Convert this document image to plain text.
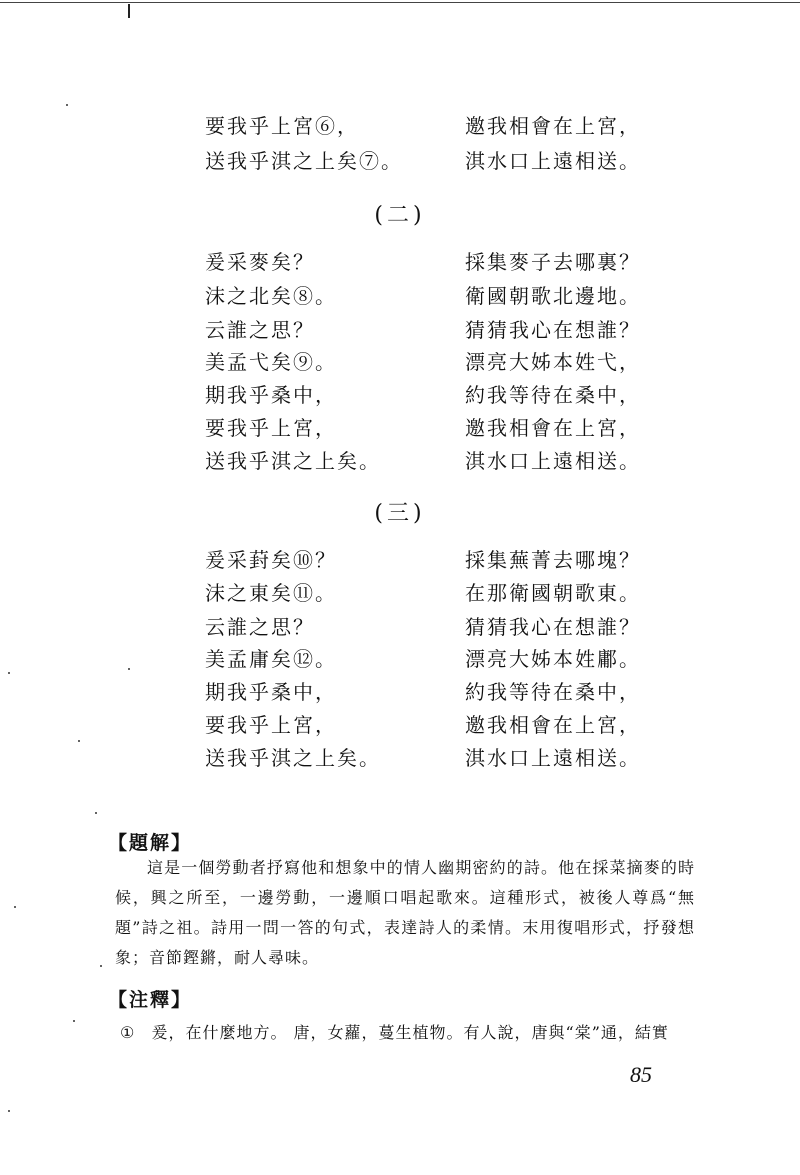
要我乎上宮⑥，	邀我相會在上宮，
送我乎淇之上矣⑦。	淇水口上遠相送。
(二)
爰采麥矣？	採集麥子去哪裏？
沫之北矣⑧。	衛國朝歌北邊地。
云誰之思？	猜猜我心在想誰？
美孟弋矣⑨。	漂亮大姊本姓弋，
期我乎桑中，	約我等待在桑中，
要我乎上宮，	邀我相會在上宮，
送我乎淇之上矣。	淇水口上遠相送。
(三)
爰采葑矣⑩？	採集蕪菁去哪塊？
沫之東矣⑪。	在那衛國朝歌東。
云誰之思？	猜猜我心在想誰？
美孟庸矣⑫。	漂亮大姊本姓鄘。
期我乎桑中，	約我等待在桑中，
要我乎上宮，	邀我相會在上宮，
送我乎淇之上矣。	淇水口上遠相送。
【題解】

這是一個勞動者抒寫他和想象中的情人幽期密約的詩。他在採菜摘麥的時候，興之所至，一邊勞動，一邊順口唱起歌來。這種形式，被後人尊爲“無題”詩之祖。詩用一問一答的句式，表達詩人的柔情。末用復唱形式，抒發想象；音節鏗鏘，耐人尋味。

【注釋】
① 爰，在什麼地方。 唐，女蘿，蔓生植物。有人說，唐與“棠”通，結實
85
